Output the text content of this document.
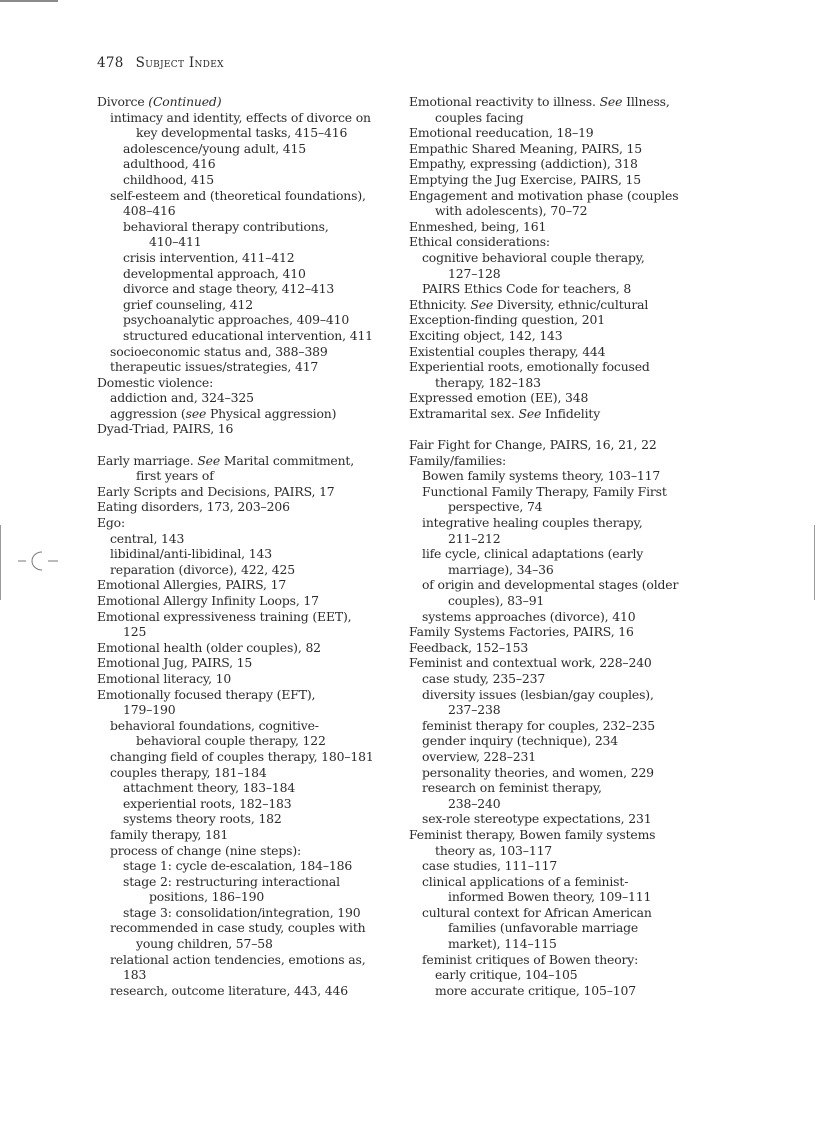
478 Subject Index
Divorce (Continued)
intimacy and identity, effects of divorce on
key developmental tasks, 415–416
adolescence/young adult, 415
adulthood, 416
childhood, 415
self-esteem and (theoretical foundations),
408–416
behavioral therapy contributions,
410–411
crisis intervention, 411–412
developmental approach, 410
divorce and stage theory, 412–413
grief counseling, 412
psychoanalytic approaches, 409–410
structured educational intervention, 411
socioeconomic status and, 388–389
therapeutic issues/strategies, 417
Domestic violence:
addiction and, 324–325
aggression (see Physical aggression)
Dyad-Triad, PAIRS, 16
Early marriage. See Marital commitment,
first years of
Early Scripts and Decisions, PAIRS, 17
Eating disorders, 173, 203–206
Ego:
central, 143
libidinal/anti-libidinal, 143
reparation (divorce), 422, 425
Emotional Allergies, PAIRS, 17
Emotional Allergy Infinity Loops, 17
Emotional expressiveness training (EET),
125
Emotional health (older couples), 82
Emotional Jug, PAIRS, 15
Emotional literacy, 10
Emotionally focused therapy (EFT),
179–190
behavioral foundations, cognitive-
behavioral couple therapy, 122
changing field of couples therapy, 180–181
couples therapy, 181–184
attachment theory, 183–184
experiential roots, 182–183
systems theory roots, 182
family therapy, 181
process of change (nine steps):
stage 1: cycle de-escalation, 184–186
stage 2: restructuring interactional
positions, 186–190
stage 3: consolidation/integration, 190
recommended in case study, couples with
young children, 57–58
relational action tendencies, emotions as,
183
research, outcome literature, 443, 446
Emotional reactivity to illness. See Illness,
couples facing
Emotional reeducation, 18–19
Empathic Shared Meaning, PAIRS, 15
Empathy, expressing (addiction), 318
Emptying the Jug Exercise, PAIRS, 15
Engagement and motivation phase (couples
with adolescents), 70–72
Enmeshed, being, 161
Ethical considerations:
cognitive behavioral couple therapy,
127–128
PAIRS Ethics Code for teachers, 8
Ethnicity. See Diversity, ethnic/cultural
Exception-finding question, 201
Exciting object, 142, 143
Existential couples therapy, 444
Experiential roots, emotionally focused
therapy, 182–183
Expressed emotion (EE), 348
Extramarital sex. See Infidelity
Fair Fight for Change, PAIRS, 16, 21, 22
Family/families:
Bowen family systems theory, 103–117
Functional Family Therapy, Family First
perspective, 74
integrative healing couples therapy,
211–212
life cycle, clinical adaptations (early
marriage), 34–36
of origin and developmental stages (older
couples), 83–91
systems approaches (divorce), 410
Family Systems Factories, PAIRS, 16
Feedback, 152–153
Feminist and contextual work, 228–240
case study, 235–237
diversity issues (lesbian/gay couples),
237–238
feminist therapy for couples, 232–235
gender inquiry (technique), 234
overview, 228–231
personality theories, and women, 229
research on feminist therapy,
238–240
sex-role stereotype expectations, 231
Feminist therapy, Bowen family systems
theory as, 103–117
case studies, 111–117
clinical applications of a feminist-
informed Bowen theory, 109–111
cultural context for African American
families (unfavorable marriage
market), 114–115
feminist critiques of Bowen theory:
early critique, 104–105
more accurate critique, 105–107
